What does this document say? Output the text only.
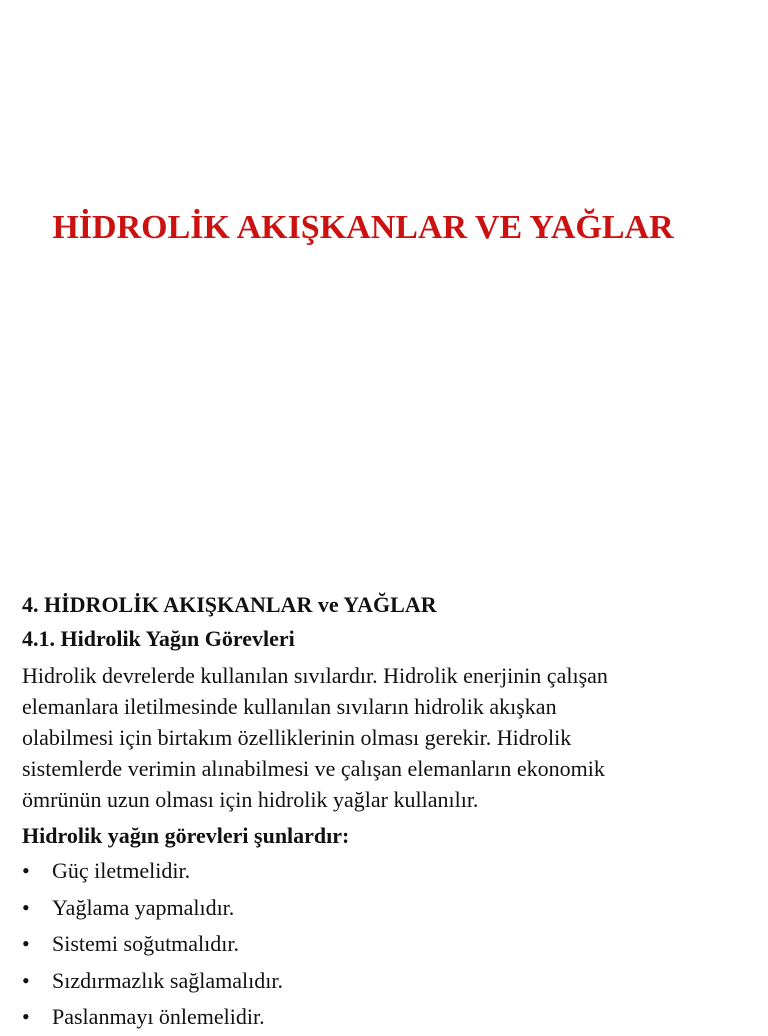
HİDROLİK AKIŞKANLAR VE YAĞLAR
4. HİDROLİK AKIŞKANLAR ve YAĞLAR
4.1. Hidrolik Yağın Görevleri
Hidrolik devrelerde kullanılan sıvılardır. Hidrolik enerjinin çalışan
elemanlara iletilmesinde kullanılan sıvıların hidrolik akışkan
olabilmesi için birtakım özelliklerinin olması gerekir. Hidrolik
sistemlerde verimin alınabilmesi ve çalışan elemanların ekonomik
ömrünün uzun olması için hidrolik yağlar kullanılır.
Hidrolik yağın görevleri şunlardır:
• Güç iletmelidir.
• Yağlama yapmalıdır.
• Sistemi soğutmalıdır.
• Sızdırmazlık sağlamalıdır.
• Paslanmayı önlemelidir.
